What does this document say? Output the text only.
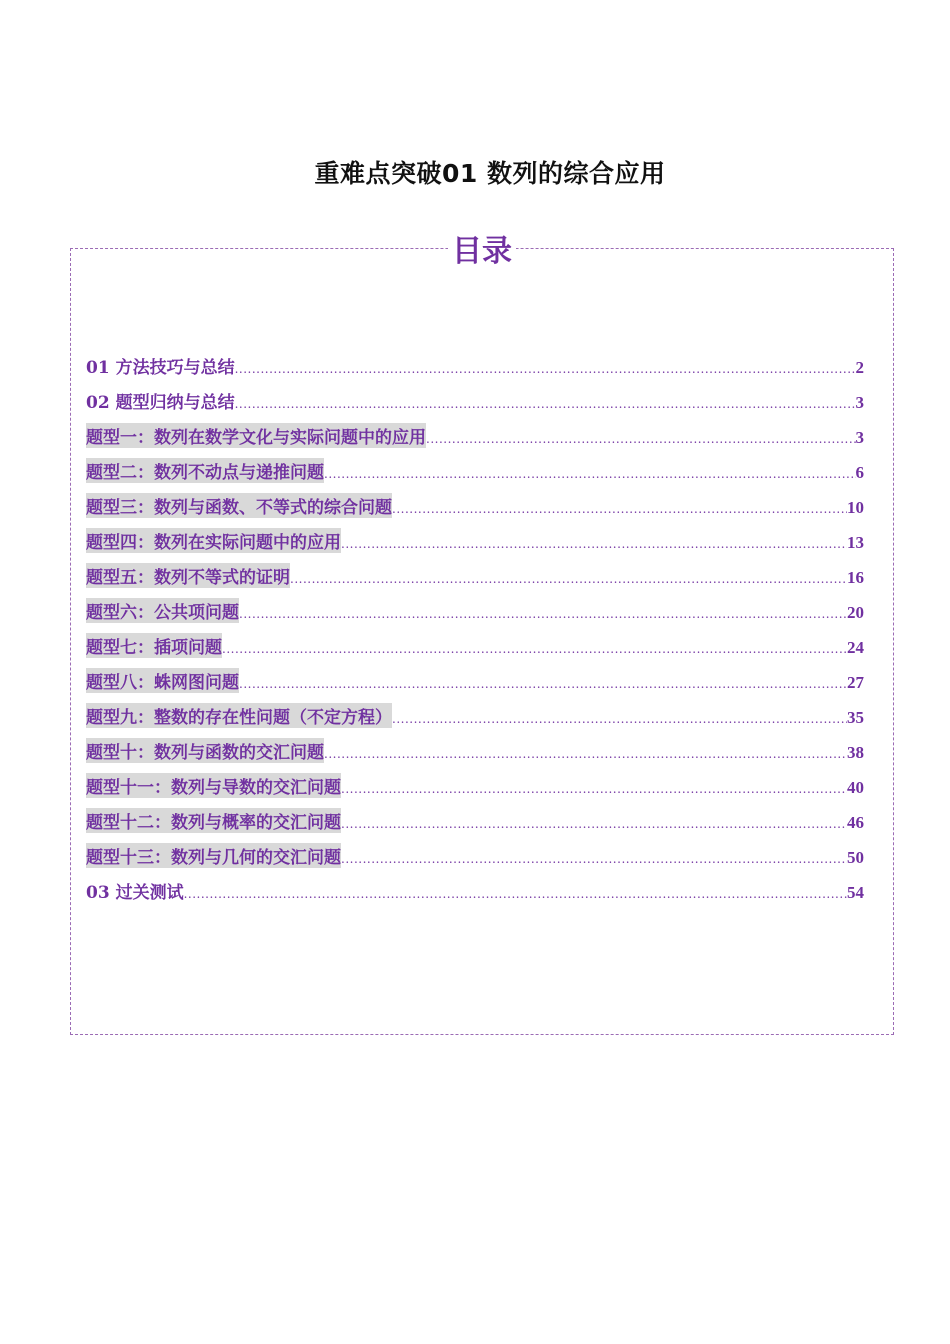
重难点突破01 数列的综合应用
目录
01 方法技巧与总结 .....	2
02 题型归纳与总结 .....	3
题型一：数列在数学文化与实际问题中的应用 .....	3
题型二：数列不动点与递推问题 .....	6
题型三：数列与函数、不等式的综合问题 .....	10
题型四：数列在实际问题中的应用 .....	13
题型五：数列不等式的证明 .....	16
题型六：公共项问题 .....	20
题型七：插项问题 .....	24
题型八：蛛网图问题 .....	27
题型九：整数的存在性问题（不定方程） .....	35
题型十：数列与函数的交汇问题 .....	38
题型十一：数列与导数的交汇问题 .....	40
题型十二：数列与概率的交汇问题 .....	46
题型十三：数列与几何的交汇问题 .....	50
03 过关测试 .....	54
